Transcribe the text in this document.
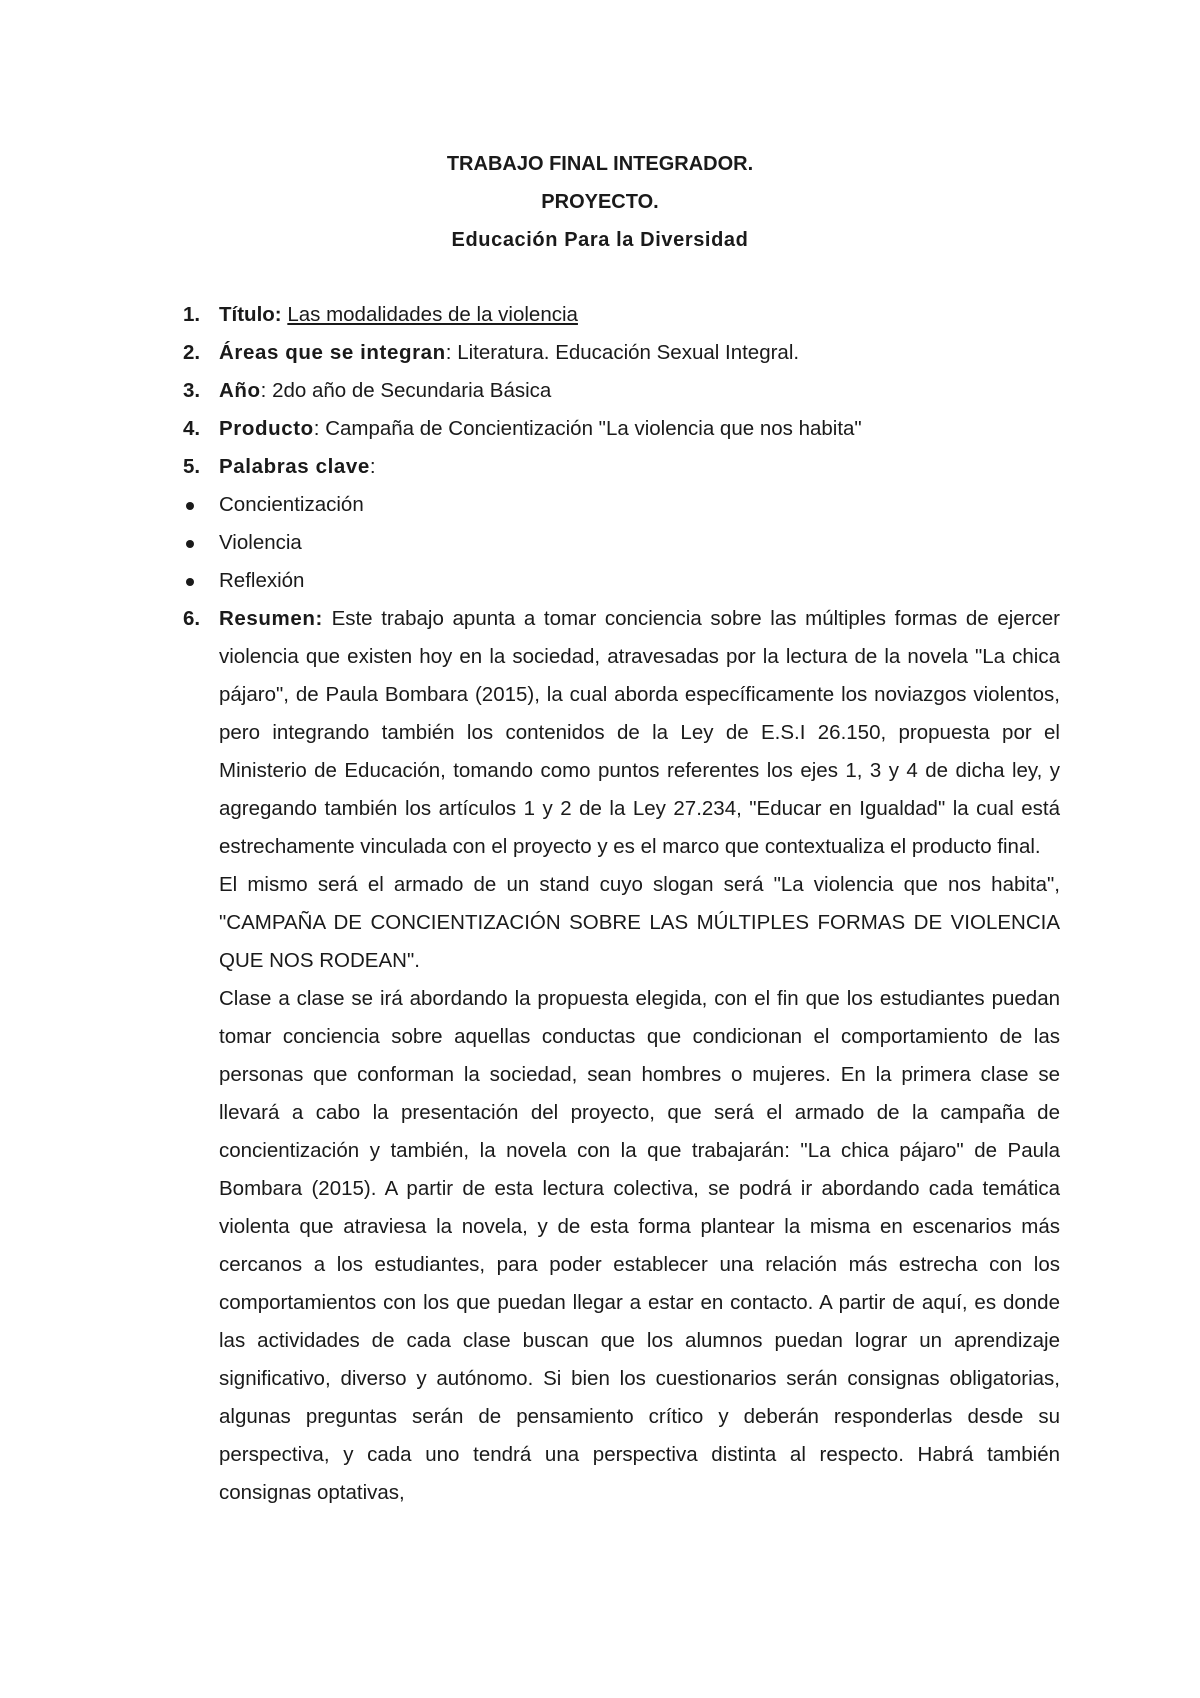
TRABAJO FINAL INTEGRADOR.
PROYECTO.
Educación Para la Diversidad
1. Título: Las modalidades de la violencia
2. Áreas que se integran: Literatura. Educación Sexual Integral.
3. Año: 2do año de Secundaria Básica
4. Producto: Campaña de Concientización "La violencia que nos habita"
5. Palabras clave:
Concientización
Violencia
Reflexión
6. Resumen: Este trabajo apunta a tomar conciencia sobre las múltiples formas de ejercer violencia que existen hoy en la sociedad, atravesadas por la lectura de la novela "La chica pájaro", de Paula Bombara (2015), la cual aborda específicamente los noviazgos violentos, pero integrando también los contenidos de la Ley de E.S.I 26.150, propuesta por el Ministerio de Educación, tomando como puntos referentes los ejes 1, 3 y 4 de dicha ley, y agregando también los artículos 1 y 2 de la Ley 27.234, "Educar en Igualdad" la cual está estrechamente vinculada con el proyecto y es el marco que contextualiza el producto final.

El mismo será el armado de un stand cuyo slogan será "La violencia que nos habita", "CAMPAÑA DE CONCIENTIZACIÓN SOBRE LAS MÚLTIPLES FORMAS DE VIOLENCIA QUE NOS RODEAN".

Clase a clase se irá abordando la propuesta elegida, con el fin que los estudiantes puedan tomar conciencia sobre aquellas conductas que condicionan el comportamiento de las personas que conforman la sociedad, sean hombres o mujeres. En la primera clase se llevará a cabo la presentación del proyecto, que será el armado de la campaña de concientización y también, la novela con la que trabajarán: "La chica pájaro" de Paula Bombara (2015). A partir de esta lectura colectiva, se podrá ir abordando cada temática violenta que atraviesa la novela, y de esta forma plantear la misma en escenarios más cercanos a los estudiantes, para poder establecer una relación más estrecha con los comportamientos con los que puedan llegar a estar en contacto. A partir de aquí, es donde las actividades de cada clase buscan que los alumnos puedan lograr un aprendizaje significativo, diverso y autónomo. Si bien los cuestionarios serán consignas obligatorias, algunas preguntas serán de pensamiento crítico y deberán responderlas desde su perspectiva, y cada uno tendrá una perspectiva distinta al respecto. Habrá también consignas optativas,
